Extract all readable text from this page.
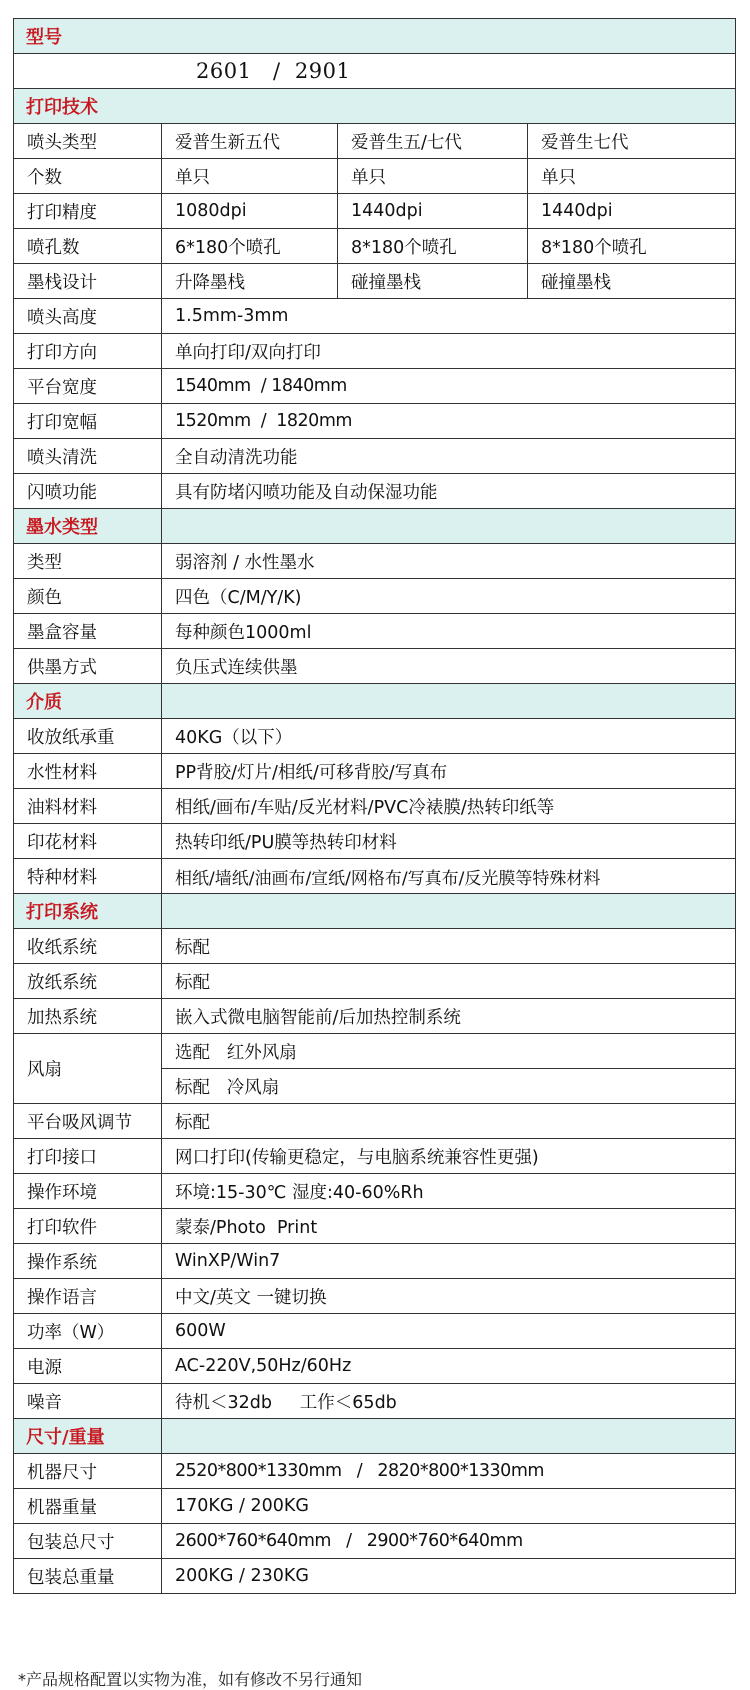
型号			
2601   /  2901			
打印技术			
喷头类型	爱普生新五代	爱普生五/七代	爱普生七代
个数	单只	单只	单只
打印精度	1080dpi	1440dpi	1440dpi
喷孔数	6*180个喷孔	8*180个喷孔	8*180个喷孔
墨栈设计	升降墨栈	碰撞墨栈	碰撞墨栈
喷头高度	1.5mm-3mm		
打印方向	单向打印/双向打印		
平台宽度	1540mm  / 1840mm		
打印宽幅	1520mm  /  1820mm		
喷头清洗	全自动清洗功能		
闪喷功能	具有防堵闪喷功能及自动保湿功能		
墨水类型			
类型	弱溶剂 / 水性墨水		
颜色	四色（C/M/Y/K)		
墨盒容量	每种颜色1000ml		
供墨方式	负压式连续供墨		
介质			
收放纸承重	40KG（以下）		
水性材料	PP背胶/灯片/相纸/可移背胶/写真布		
油料材料	相纸/画布/车贴/反光材料/PVC冷裱膜/热转印纸等		
印花材料	热转印纸/PU膜等热转印材料		
特种材料	相纸/墙纸/油画布/宣纸/网格布/写真布/反光膜等特殊材料		
打印系统			
收纸系统	标配		
放纸系统	标配		
加热系统	嵌入式微电脑智能前/后加热控制系统		
风扇	选配   红外风扇		
	标配   冷风扇		
平台吸风调节	标配		
打印接口	网口打印(传输更稳定，与电脑系统兼容性更强)		
操作环境	环境:15-30℃ 湿度:40-60%Rh		
打印软件	蒙泰/Photo  Print		
操作系统	WinXP/Win7		
操作语言	中文/英文 一键切换		
功率（W）	600W		
电源	AC-220V,50Hz/60Hz		
噪音	待机＜32db     工作＜65db		
尺寸/重量			
机器尺寸	2520*800*1330mm   /   2820*800*1330mm		
机器重量	170KG / 200KG		
包装总尺寸	2600*760*640mm   /   2900*760*640mm		
包装总重量	200KG / 230KG		
*产品规格配置以实物为准，如有修改不另行通知
